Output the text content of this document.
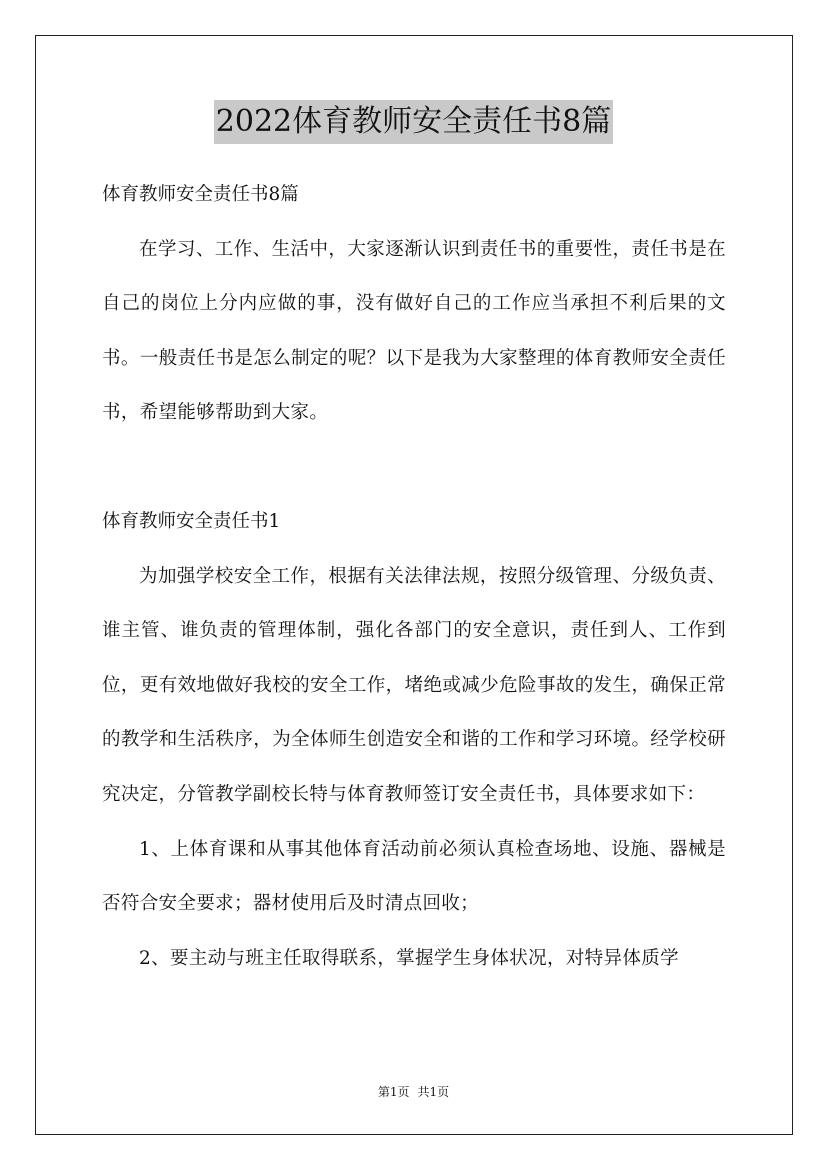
2022体育教师安全责任书8篇

体育教师安全责任书8篇

在学习、工作、生活中，大家逐渐认识到责任书的重要性，责任书是在自己的岗位上分内应做的事，没有做好自己的工作应当承担不利后果的文书。一般责任书是怎么制定的呢？以下是我为大家整理的体育教师安全责任书，希望能够帮助到大家。

体育教师安全责任书1

为加强学校安全工作，根据有关法律法规，按照分级管理、分级负责、谁主管、谁负责的管理体制，强化各部门的安全意识，责任到人、工作到位，更有效地做好我校的安全工作，堵绝或减少危险事故的发生，确保正常的教学和生活秩序，为全体师生创造安全和谐的工作和学习环境。经学校研究决定，分管教学副校长特与体育教师签订安全责任书，具体要求如下：

1、上体育课和从事其他体育活动前必须认真检查场地、设施、器械是否符合安全要求；器材使用后及时清点回收；

2、要主动与班主任取得联系，掌握学生身体状况，对特异体质学

第1页 共1页
